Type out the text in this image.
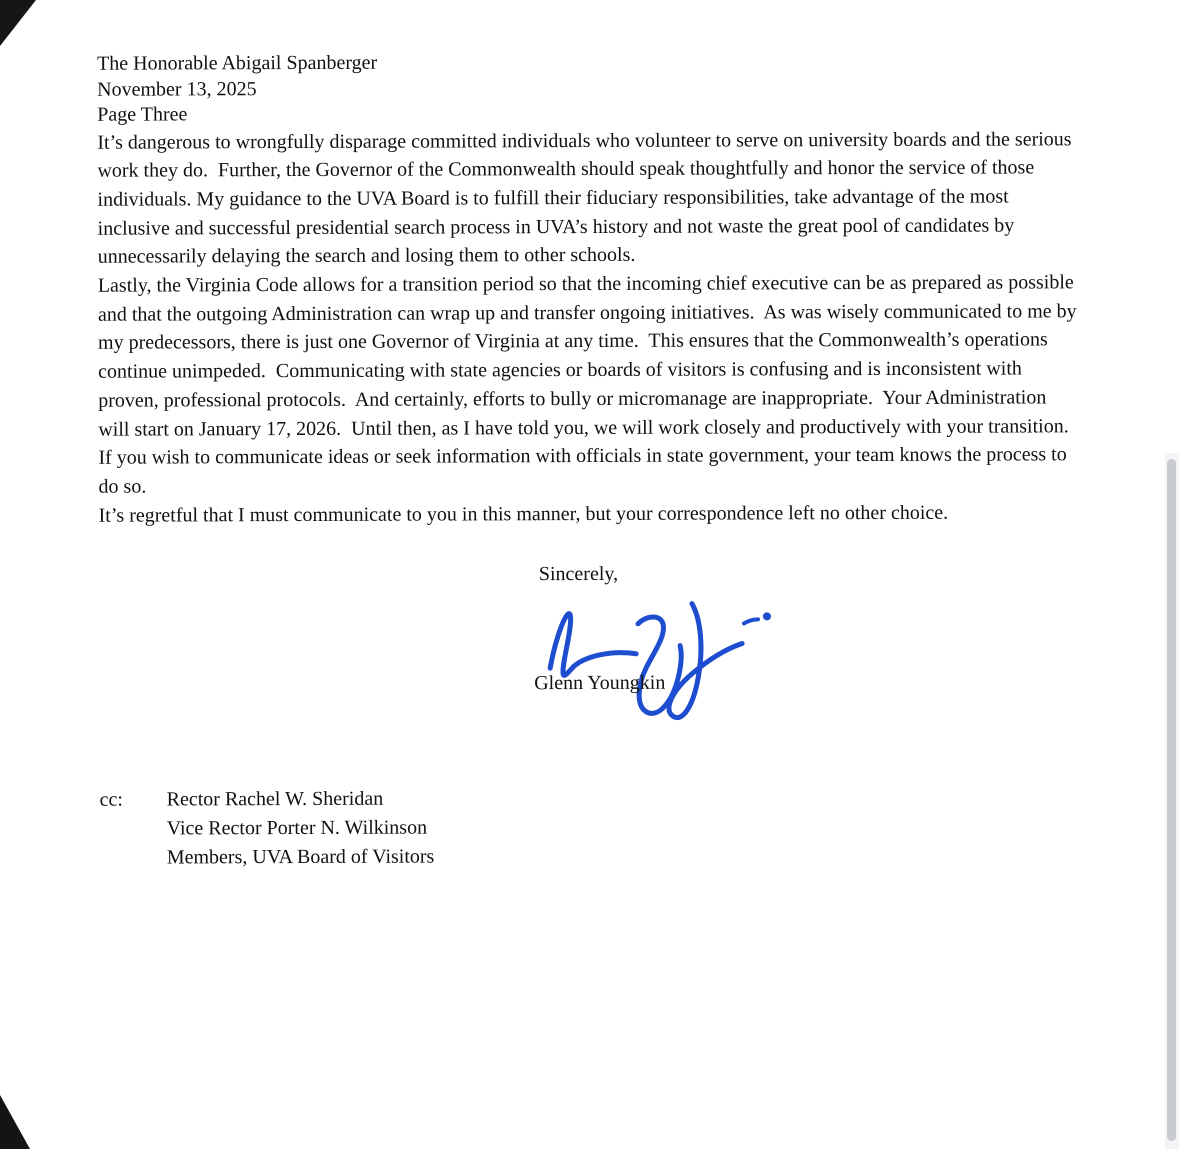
The Honorable Abigail Spanberger
November 13, 2025
Page Three

It’s dangerous to wrongfully disparage committed individuals who volunteer to serve on university boards and the serious work they do.  Further, the Governor of the Commonwealth should speak thoughtfully and honor the service of those individuals. My guidance to the UVA Board is to fulfill their fiduciary responsibilities, take advantage of the most inclusive and successful presidential search process in UVA’s history and not waste the great pool of candidates by unnecessarily delaying the search and losing them to other schools.

Lastly, the Virginia Code allows for a transition period so that the incoming chief executive can be as prepared as possible and that the outgoing Administration can wrap up and transfer ongoing initiatives.  As was wisely communicated to me by my predecessors, there is just one Governor of Virginia at any time.  This ensures that the Commonwealth’s operations continue unimpeded.  Communicating with state agencies or boards of visitors is confusing and is inconsistent with proven, professional protocols.  And certainly, efforts to bully or micromanage are inappropriate.  Your Administration will start on January 17, 2026.  Until then, as I have told you, we will work closely and productively with your transition. If you wish to communicate ideas or seek information with officials in state government, your team knows the process to do so.

It’s regretful that I must communicate to you in this manner, but your correspondence left no other choice.

Sincerely,
Glenn Youngkin
cc:	Rector Rachel W. Sheridan
Vice Rector Porter N. Wilkinson
Members, UVA Board of Visitors
